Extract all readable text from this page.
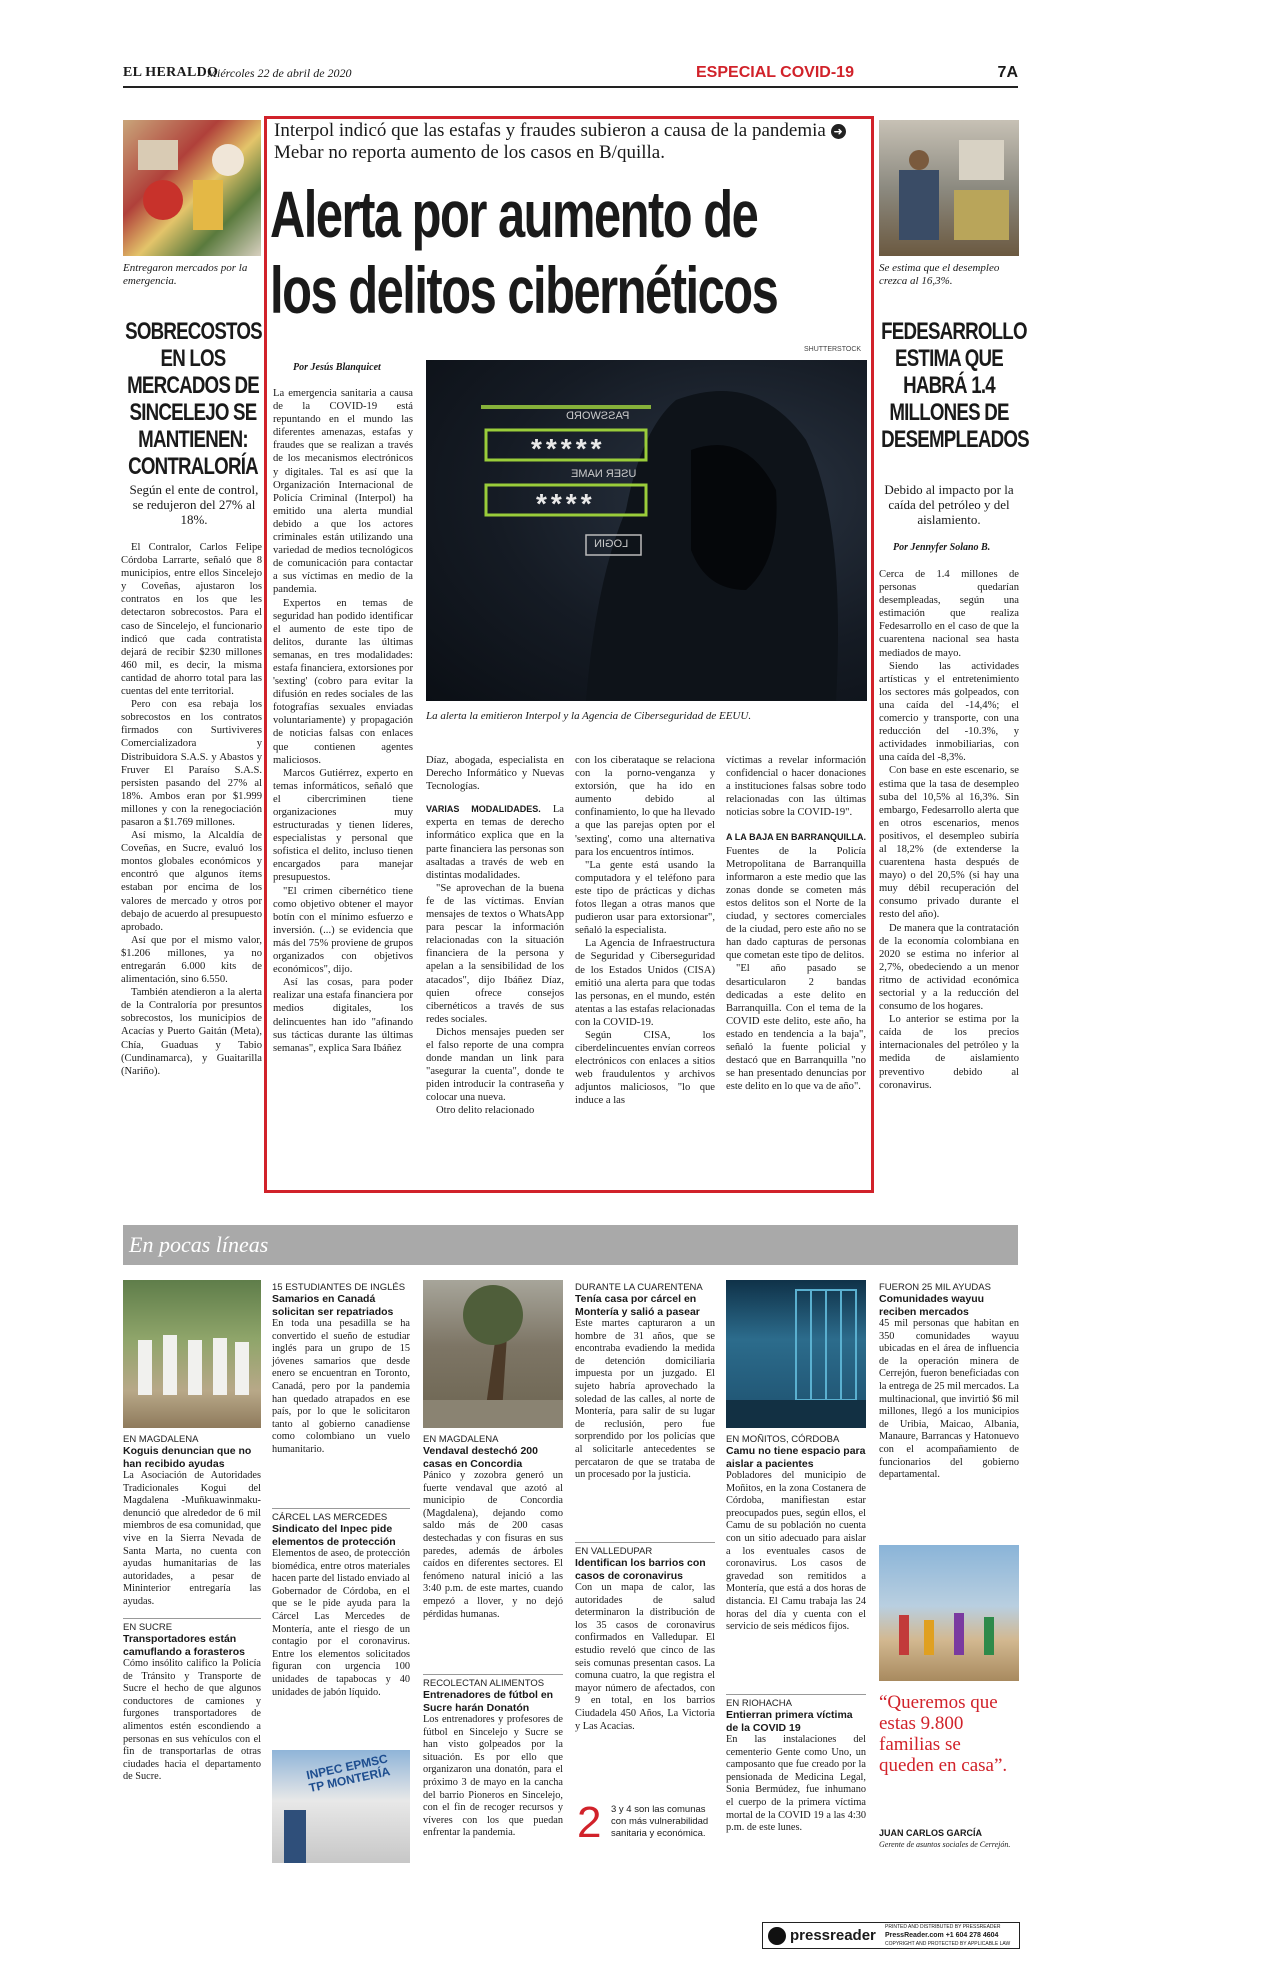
EL HERALDO
Miércoles 22 de abril de 2020	ESPECIAL COVID-19	7A
Entregaron mercados por la emergencia.
SOBRECOSTOS EN LOS MERCADOS DE SINCELEJO SE MANTIENEN: CONTRALORÍA
Según el ente de control, se redujeron del 27% al 18%.

El Contralor, Carlos Felipe Córdoba Larrarte, señaló que 8 municipios, entre ellos Sincelejo y Coveñas, ajustaron los contratos en los que les detectaron sobrecostos. Para el caso de Sincelejo, el funcionario indicó que cada contratista dejará de recibir $230 millones 460 mil, es decir, la misma cantidad de ahorro total para las cuentas del ente territorial.

Pero con esa rebaja los sobrecostos en los contratos firmados con Surtiviveres Comercializadora y Distribuidora S.A.S. y Abastos y Fruver El Paraíso S.A.S. persisten pasando del 27% al 18%. Ambos eran por $1.999 millones y con la renegociación pasaron a $1.769 millones.

Así mismo, la Alcaldía de Coveñas, en Sucre, evaluó los montos globales económicos y encontró que algunos ítems estaban por encima de los valores de mercado y otros por debajo de acuerdo al presupuesto aprobado.

Así que por el mismo valor, $1.206 millones, ya no entregarán 6.000 kits de alimentación, sino 6.550.

También atendieron a la alerta de la Contraloría por presuntos sobrecostos, los municipios de Acacías y Puerto Gaitán (Meta), Chía, Guaduas y Tabio (Cundinamarca), y Guaitarilla (Nariño).

Interpol indicó que las estafas y fraudes subieron a causa de la pandemia ➜ Mebar no reporta aumento de los casos en B/quilla.
Alerta por aumento de
los delitos cibernéticos
SHUTTERSTOCK
Por Jesús Blanquicet
PASSWORD
*****
USER NAME
****
LOGIN
La alerta la emitieron Interpol y la Agencia de Ciberseguridad de EEUU.

La emergencia sanitaria a causa de la COVID-19 está repuntando en el mundo las diferentes amenazas, estafas y fraudes que se realizan a través de los mecanismos electrónicos y digitales. Tal es así que la Organización Internacional de Policía Criminal (Interpol) ha emitido una alerta mundial debido a que los actores criminales están utilizando una variedad de medios tecnológicos de comunicación para contactar a sus víctimas en medio de la pandemia.

Expertos en temas de seguridad han podido identificar el aumento de este tipo de delitos, durante las últimas semanas, en tres modalidades: estafa financiera, extorsiones por 'sexting' (cobro para evitar la difusión en redes sociales de las fotografías sexuales enviadas voluntariamente) y propagación de noticias falsas con enlaces que contienen agentes maliciosos.

Marcos Gutiérrez, experto en temas informáticos, señaló que el cibercriminen tiene organizaciones muy estructuradas y tienen líderes, especialistas y personal que sofistica el delito, incluso tienen encargados para manejar presupuestos.

"El crimen cibernético tiene como objetivo obtener el mayor botín con el mínimo esfuerzo e inversión. (...) se evidencia que más del 75% proviene de grupos organizados con objetivos económicos", dijo.

Así las cosas, para poder realizar una estafa financiera por medios digitales, los delincuentes han ido "afinando sus tácticas durante las últimas semanas", explica Sara Ibáñez

Díaz, abogada, especialista en Derecho Informático y Nuevas Tecnologías.

VARIAS MODALIDADES. La experta en temas de derecho informático explica que en la parte financiera las personas son asaltadas a través de web en distintas modalidades.

"Se aprovechan de la buena fe de las víctimas. Envían mensajes de textos o WhatsApp para pescar la información relacionadas con la situación financiera de la persona y apelan a la sensibilidad de los atacados", dijo Ibáñez Díaz, quien ofrece consejos cibernéticos a través de sus redes sociales.

Dichos mensajes pueden ser el falso reporte de una compra donde mandan un link para "asegurar la cuenta", donde te piden introducir la contraseña y colocar una nueva.

Otro delito relacionado

con los ciberataque se relaciona con la porno-venganza y extorsión, que ha ido en aumento debido al confinamiento, lo que ha llevado a que las parejas opten por el 'sexting', como una alternativa para los encuentros íntimos.

"La gente está usando la computadora y el teléfono para este tipo de prácticas y dichas fotos llegan a otras manos que pudieron usar para extorsionar", señaló la especialista.

La Agencia de Infraestructura de Seguridad y Ciberseguridad de los Estados Unidos (CISA) emitió una alerta para que todas las personas, en el mundo, estén atentas a las estafas relacionadas con la COVID-19.

Según CISA, los ciberdelincuentes envían correos electrónicos con enlaces a sitios web fraudulentos y archivos adjuntos maliciosos, "lo que induce a las

víctimas a revelar información confidencial o hacer donaciones a instituciones falsas sobre todo relacionadas con las últimas noticias sobre la COVID-19".

A LA BAJA EN BARRANQUILLA. Fuentes de la Policía Metropolitana de Barranquilla informaron a este medio que las zonas donde se cometen más estos delitos son el Norte de la ciudad, y sectores comerciales de la ciudad, pero este año no se han dado capturas de personas que cometan este tipo de delitos.

"El año pasado se desarticularon 2 bandas dedicadas a este delito en Barranquilla. Con el tema de la COVID este delito, este año, ha estado en tendencia a la baja", señaló la fuente policial y destacó que en Barranquilla "no se han presentado denuncias por este delito en lo que va de año".

Se estima que el desempleo crezca al 16,3%.
FEDESARROLLO ESTIMA QUE HABRÁ 1.4 MILLONES DE DESEMPLEADOS
Debido al impacto por la caída del petróleo y del aislamiento.
Por Jennyfer Solano B.

Cerca de 1.4 millones de personas quedarían desempleadas, según una estimación que realiza Fedesarrollo en el caso de que la cuarentena nacional sea hasta mediados de mayo.

Siendo las actividades artísticas y el entretenimiento los sectores más golpeados, con una caída del -14,4%; el comercio y transporte, con una reducción del -10.3%, y actividades inmobiliarias, con una caída del -8,3%.

Con base en este escenario, se estima que la tasa de desempleo suba del 10,5% al 16,3%. Sin embargo, Fedesarrollo alerta que en otros escenarios, menos positivos, el desempleo subiría al 18,2% (de extenderse la cuarentena hasta después de mayo) o del 20,5% (si hay una muy débil recuperación del consumo privado durante el resto del año).

De manera que la contratación de la economía colombiana en 2020 se estima no inferior al 2,7%, obedeciendo a un menor ritmo de actividad económica sectorial y a la reducción del consumo de los hogares.

Lo anterior se estima por la caída de los precios internacionales del petróleo y la medida de aislamiento preventivo debido al coronavirus.

En pocas líneas
EN MAGDALENA
Koguis denuncian que no han recibido ayudas
La Asociación de Autoridades Tradicionales Kogui del Magdalena -Muñkuawinmaku- denunció que alrededor de 6 mil miembros de esa comunidad, que vive en la Sierra Nevada de Santa Marta, no cuenta con ayudas humanitarias de las autoridades, a pesar de Mininterior entregaría las ayudas.
EN SUCRE
Transportadores están camuflando a forasteros
Cómo insólito califico la Policía de Tránsito y Transporte de Sucre el hecho de que algunos conductores de camiones y furgones transportadores de alimentos estén escondiendo a personas en sus vehículos con el fin de transportarlas de otras ciudades hacia el departamento de Sucre.
15 ESTUDIANTES DE INGLÉS
Samarios en Canadá solicitan ser repatriados
En toda una pesadilla se ha convertido el sueño de estudiar inglés para un grupo de 15 jóvenes samarios que desde enero se encuentran en Toronto, Canadá, pero por la pandemia han quedado atrapados en ese país, por lo que le solicitaron tanto al gobierno canadiense como colombiano un vuelo humanitario.
CÁRCEL LAS MERCEDES
Sindicato del Inpec pide elementos de protección
Elementos de aseo, de protección biomédica, entre otros materiales hacen parte del listado enviado al Gobernador de Córdoba, en el que se le pide ayuda para la Cárcel Las Mercedes de Montería, ante el riesgo de un contagio por el coronavirus. Entre los elementos solicitados figuran con urgencia 100 unidades de tapabocas y 40 unidades de jabón líquido.
INPEC EPMSC TP MONTERÍA
EN MAGDALENA
Vendaval destechó 200 casas en Concordia
Pánico y zozobra generó un fuerte vendaval que azotó al municipio de Concordia (Magdalena), dejando como saldo más de 200 casas destechadas y con fisuras en sus paredes, además de árboles caídos en diferentes sectores. El fenómeno natural inició a las 3:40 p.m. de este martes, cuando empezó a llover, y no dejó pérdidas humanas.
RECOLECTAN ALIMENTOS
Entrenadores de fútbol en Sucre harán Donatón
Los entrenadores y profesores de fútbol en Sincelejo y Sucre se han visto golpeados por la situación. Es por ello que organizaron una donatón, para el próximo 3 de mayo en la cancha del barrio Pioneros en Sincelejo, con el fin de recoger recursos y víveres con los que puedan enfrentar la pandemia.
DURANTE LA CUARENTENA
Tenía casa por cárcel en Montería y salió a pasear
Este martes capturaron a un hombre de 31 años, que se encontraba evadiendo la medida de detención domiciliaria impuesta por un juzgado. El sujeto habría aprovechado la soledad de las calles, al norte de Montería, para salir de su lugar de reclusión, pero fue sorprendido por los policías que al solicitarle antecedentes se percataron de que se trataba de un procesado por la justicia.
EN VALLEDUPAR
Identifican los barrios con casos de coronavirus
Con un mapa de calor, las autoridades de salud determinaron la distribución de los 35 casos de coronavirus confirmados en Valledupar. El estudio reveló que cinco de las seis comunas presentan casos. La comuna cuatro, la que registra el mayor número de afectados, con 9 en total, en los barrios Ciudadela 450 Años, La Victoria y Las Acacias.
2 3 y 4 son las comunas con más vulnerabilidad sanitaria y económica.
EN MOÑITOS, CÓRDOBA
Camu no tiene espacio para aislar a pacientes
Pobladores del municipio de Moñitos, en la zona Costanera de Córdoba, manifiestan estar preocupados pues, según ellos, el Camu de su población no cuenta con un sitio adecuado para aislar a los eventuales casos de coronavirus. Los casos de gravedad son remitidos a Montería, que está a dos horas de distancia. El Camu trabaja las 24 horas del día y cuenta con el servicio de seis médicos fijos.
EN RIOHACHA
Entierran primera víctima de la COVID 19
En las instalaciones del cementerio Gente como Uno, un camposanto que fue creado por la pensionada de Medicina Legal, Sonia Bermúdez, fue inhumano el cuerpo de la primera víctima mortal de la COVID 19 a las 4:30 p.m. de este lunes.
FUERON 25 MIL AYUDAS
Comunidades wayuu reciben mercados
45 mil personas que habitan en 350 comunidades wayuu ubicadas en el área de influencia de la operación minera de Cerrejón, fueron beneficiadas con la entrega de 25 mil mercados. La multinacional, que invirtió $6 mil millones, llegó a los municipios de Uribia, Maicao, Albania, Manaure, Barrancas y Hatonuevo con el acompañamiento de funcionarios del gobierno departamental.
“Queremos que estas 9.800 familias se queden en casa”.
JUAN CARLOS GARCÍA
Gerente de asuntos sociales de Cerrejón.
pressreader PRINTED AND DISTRIBUTED BY PRESSREADER
PressReader.com +1 604 278 4604
COPYRIGHT AND PROTECTED BY APPLICABLE LAW
